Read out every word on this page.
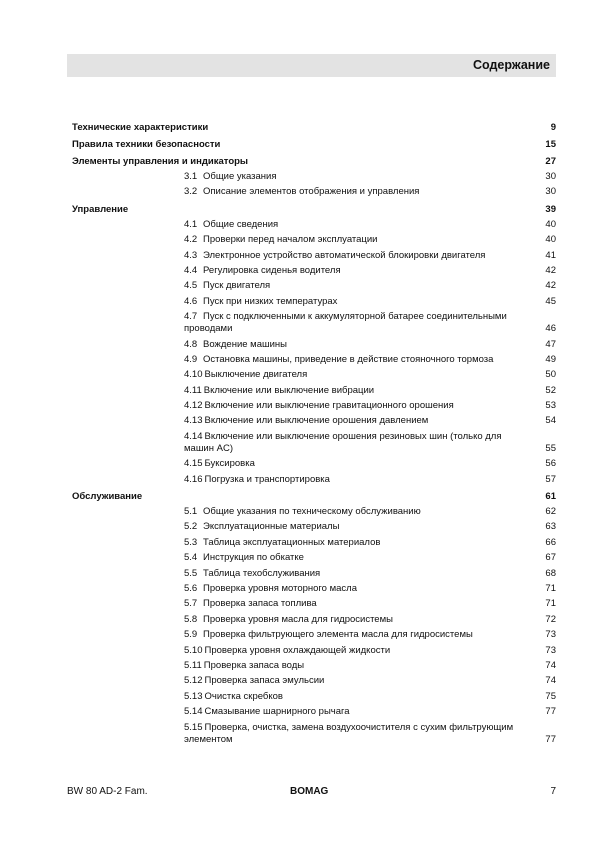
Содержание
Технические характеристики	9
Правила техники безопасности	15
Элементы управления и индикаторы	27
3.1 Общие указания	30
3.2 Описание элементов отображения и управления	30
Управление	39
4.1 Общие сведения	40
4.2 Проверки перед началом эксплуатации	40
4.3 Электронное устройство автоматической блокировки двигателя	41
4.4 Регулировка сиденья водителя	42
4.5 Пуск двигателя	42
4.6 Пуск при низких температурах	45
4.7 Пуск с подключенными к аккумуляторной батарее соединительными проводами	46
4.8 Вождение машины	47
4.9 Остановка машины, приведение в действие стояночного тормоза	49
4.10 Выключение двигателя	50
4.11 Включение или выключение вибрации	52
4.12 Включение или выключение гравитационного орошения	53
4.13 Включение или выключение орошения давлением	54
4.14 Включение или выключение орошения резиновых шин (только для машин AC)	55
4.15 Буксировка	56
4.16 Погрузка и транспортировка	57
Обслуживание	61
5.1 Общие указания по техническому обслуживанию	62
5.2 Эксплуатационные материалы	63
5.3 Таблица эксплуатационных материалов	66
5.4 Инструкция по обкатке	67
5.5 Таблица техобслуживания	68
5.6 Проверка уровня моторного масла	71
5.7 Проверка запаса топлива	71
5.8 Проверка уровня масла для гидросистемы	72
5.9 Проверка фильтрующего элемента масла для гидросистемы	73
5.10 Проверка уровня охлаждающей жидкости	73
5.11 Проверка запаса воды	74
5.12 Проверка запаса эмульсии	74
5.13 Очистка скребков	75
5.14 Смазывание шарнирного рычага	77
5.15 Проверка, очистка, замена воздухоочистителя с сухим фильтрующим элементом	77
BW 80 AD-2 Fam.	BOMAG	7
